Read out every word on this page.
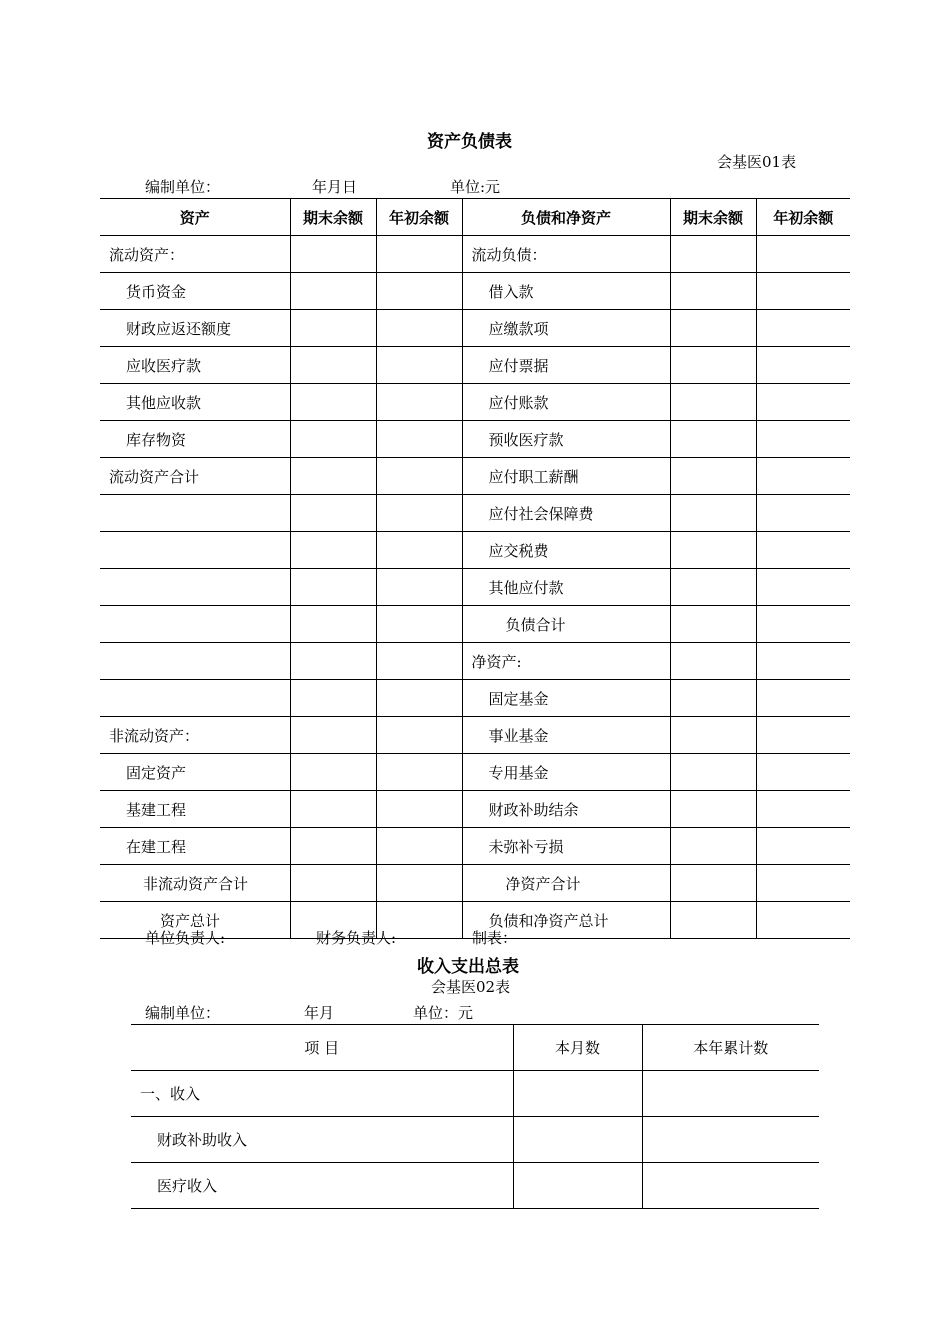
资产负债表
会基医01表
编制单位：	年月日	单位:元
资产	期末余额	年初余额	负债和净资产	期末余额	年初余额
流动资产：			流动负债：		
货币资金			借入款		
财政应返还额度			应缴款项		
应收医疗款			应付票据		
其他应收款			应付账款		
库存物资			预收医疗款		
流动资产合计			应付职工薪酬		
			应付社会保障费		
			应交税费		
			其他应付款		
			负债合计		
			净资产:		
			固定基金		
非流动资产：			事业基金		
固定资产			专用基金		
基建工程			财政补助结余		
在建工程			未弥补亏损		
非流动资产合计			净资产合计		
资产总计			负债和净资产总计		
单位负责人:	财务负责人:	制表：
收入支出总表
会基医02表
编制单位：	年月	单位：元
项 目	本月数	本年累计数
一、收入		
财政补助收入		
医疗收入		
